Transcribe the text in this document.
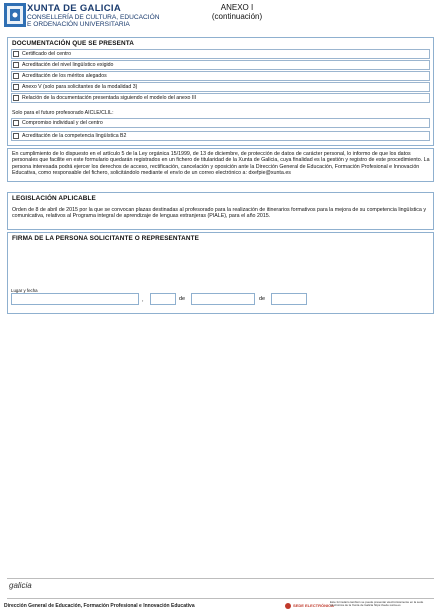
XUNTA DE GALICIA
CONSELLERÍA DE CULTURA, EDUCACIÓN
E ORDENACIÓN UNIVERSITARIA
ANEXO I
(continuación)
DOCUMENTACIÓN QUE SE PRESENTA
Certificado del centro
Acreditación del nivel lingüístico exigido
Acreditación de los méritos alegados
Anexo V (solo para solicitantes de la modalidad 3)
Relación de la documentación presentada siguiendo el modelo del anexo III
Solo para el futuro profesorado AICLE/CLIL:
Compromiso individual y del centro
Acreditación de la competencia lingüística B2
En cumplimiento de lo dispuesto en el artículo 5 de la Ley orgánica 15/1999, de 13 de diciembre, de protección de datos de carácter personal, lo informo de que los datos personales que facilite en este formulario quedarán registrados en un fichero de titularidad de la Xunta de Galicia, cuya finalidad es la gestión y registro de este procedimiento. La persona interesada podrá ejercer los derechos de acceso, rectificación, cancelación y oposición ante la Dirección General de Educación, Formación Profesional e Innovación Educativa, como responsable del fichero, solicitándolo mediante el envío de un correo electrónico a: dxefpie@xunta.es
LEGISLACIÓN APLICABLE
Orden de 8 de abril de 2015 por la que se convocan plazas destinadas al profesorado para la realización de itinerarios formativos para la mejora de su competencia lingüística y comunicativa, relativos al Programa integral de aprendizaje de lenguas extranjeras (PIALE), para el año 2015.
FIRMA DE LA PERSONA SOLICITANTE O REPRESENTANTE
Lugar y fecha
,	de	de
galicia
Dirección General de Educación, Formación Profesional e Innovación Educativa	SEDE ELECTRÓNICA
Este formulario también se puede presentar electrónicamente en la sede electrónica de la Xunta de Galicia https://sede.xunta.es
